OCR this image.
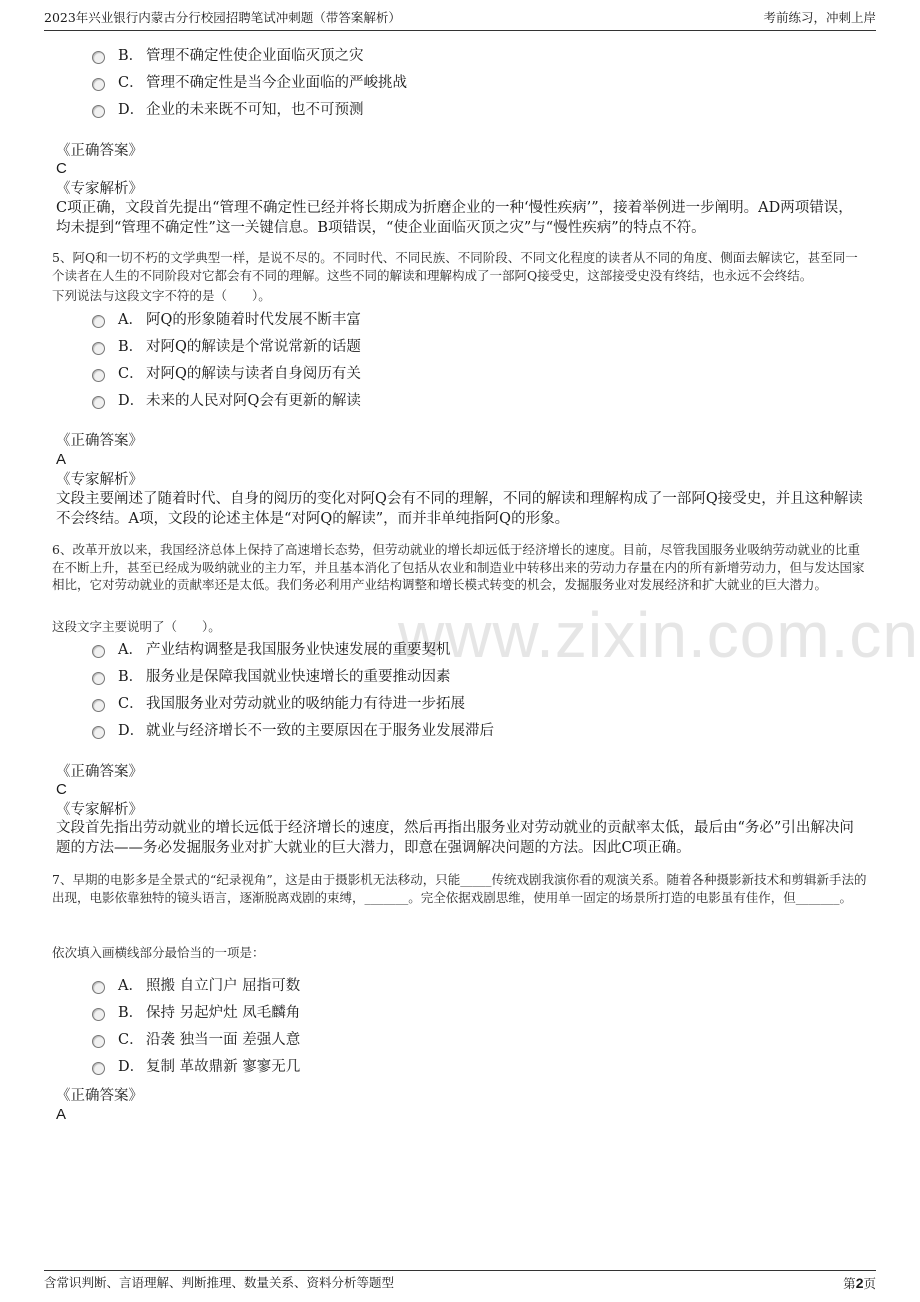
2023年兴业银行内蒙古分行校园招聘笔试冲刺题（带答案解析）	考前练习，冲刺上岸
www.zixin.com.cn
B． 管理不确定性使企业面临灭顶之灾
C． 管理不确定性是当今企业面临的严峻挑战
D． 企业的未来既不可知，也不可预测
《正确答案》
C
《专家解析》
C项正确，文段首先提出“管理不确定性已经并将长期成为折磨企业的一种‘慢性疾病’”，接着举例进一步阐明。AD两项错误，均未提到“管理不确定性”这一关键信息。B项错误，“使企业面临灭顶之灾”与“慢性疾病”的特点不符。
5、阿Q和一切不朽的文学典型一样，是说不尽的。不同时代、不同民族、不同阶段、不同文化程度的读者从不同的角度、侧面去解读它，甚至同一个读者在人生的不同阶段对它都会有不同的理解。这些不同的解读和理解构成了一部阿Q接受史，这部接受史没有终结，也永远不会终结。
下列说法与这段文字不符的是（　　）。
A． 阿Q的形象随着时代发展不断丰富
B． 对阿Q的解读是个常说常新的话题
C． 对阿Q的解读与读者自身阅历有关
D． 未来的人民对阿Q会有更新的解读
《正确答案》
A
《专家解析》
文段主要阐述了随着时代、自身的阅历的变化对阿Q会有不同的理解，不同的解读和理解构成了一部阿Q接受史，并且这种解读不会终结。A项，文段的论述主体是“对阿Q的解读”，而并非单纯指阿Q的形象。
6、改革开放以来，我国经济总体上保持了高速增长态势，但劳动就业的增长却远低于经济增长的速度。目前，尽管我国服务业吸纳劳动就业的比重在不断上升，甚至已经成为吸纳就业的主力军，并且基本消化了包括从农业和制造业中转移出来的劳动力存量在内的所有新增劳动力，但与发达国家相比，它对劳动就业的贡献率还是太低。我们务必利用产业结构调整和增长模式转变的机会，发掘服务业对发展经济和扩大就业的巨大潜力。
这段文字主要说明了（　　）。
A． 产业结构调整是我国服务业快速发展的重要契机
B． 服务业是保障我国就业快速增长的重要推动因素
C． 我国服务业对劳动就业的吸纳能力有待进一步拓展
D． 就业与经济增长不一致的主要原因在于服务业发展滞后
《正确答案》
C
《专家解析》
文段首先指出劳动就业的增长远低于经济增长的速度，然后再指出服务业对劳动就业的贡献率太低，最后由“务必”引出解决问题的方法——务必发掘服务业对扩大就业的巨大潜力，即意在强调解决问题的方法。因此C项正确。
7、早期的电影多是全景式的“纪录视角”，这是由于摄影机无法移动，只能_____传统戏剧我演你看的观演关系。随着各种摄影新技术和剪辑新手法的出现，电影依靠独特的镜头语言，逐渐脱离戏剧的束缚，_______。完全依据戏剧思维，使用单一固定的场景所打造的电影虽有佳作，但_______。
依次填入画横线部分最恰当的一项是：
A． 照搬 自立门户 屈指可数
B． 保持 另起炉灶 凤毛麟角
C． 沿袭 独当一面 差强人意
D． 复制 革故鼎新 寥寥无几
《正确答案》
A
含常识判断、言语理解、判断推理、数量关系、资料分析等题型	第2页
